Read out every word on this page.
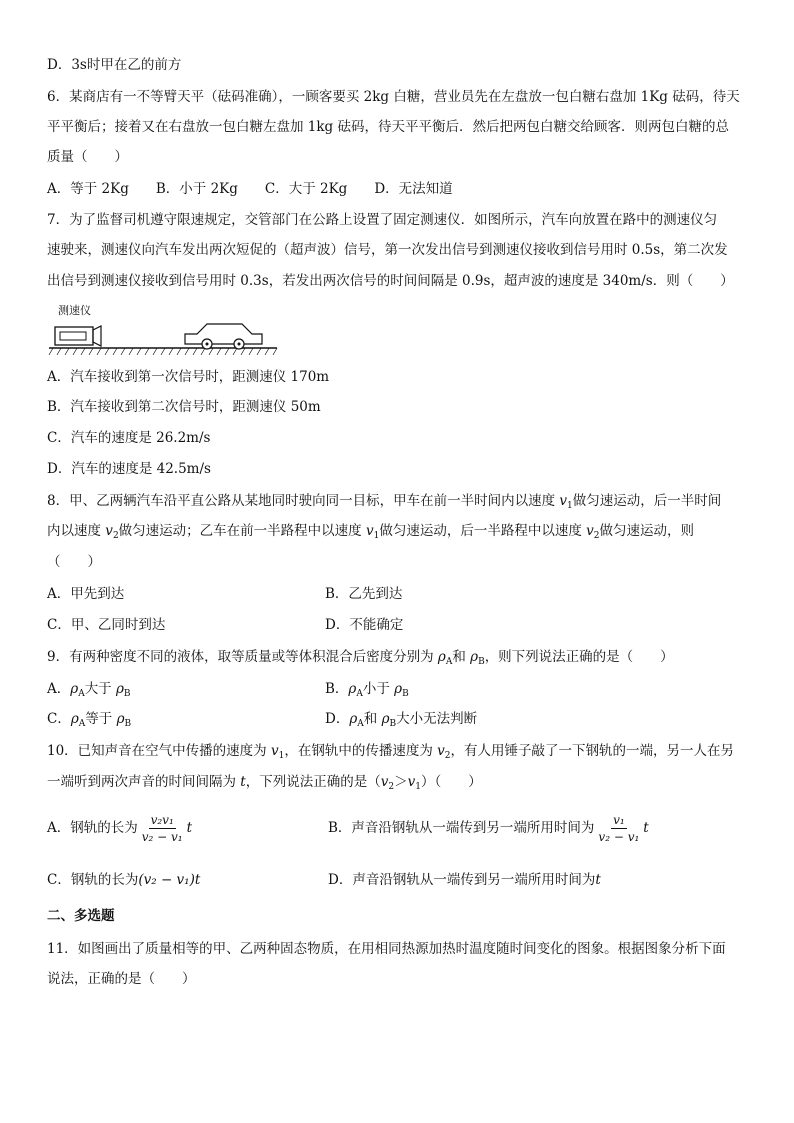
D．3s时甲在乙的前方
6．某商店有一不等臂天平（砝码准确），一顾客要买 2kg 白糖，营业员先在左盘放一包白糖右盘加 1Kg 砝码，待天
平平衡后；接着又在右盘放一包白糖左盘加 1kg 砝码，待天平平衡后．然后把两包白糖交给顾客．则两包白糖的总
质量（　　）
A．等于 2Kg　　B．小于 2Kg　　C．大于 2Kg　　D．无法知道
7．为了监督司机遵守限速规定，交管部门在公路上设置了固定测速仪．如图所示，汽车向放置在路中的测速仪匀
速驶来，测速仪向汽车发出两次短促的（超声波）信号，第一次发出信号到测速仪接收到信号用时 0.5s，第二次发
出信号到测速仪接收到信号用时 0.3s，若发出两次信号的时间间隔是 0.9s，超声波的速度是 340m/s．则（　　）
测速仪
A．汽车接收到第一次信号时，距测速仪 170m
B．汽车接收到第二次信号时，距测速仪 50m
C．汽车的速度是 26.2m/s
D．汽车的速度是 42.5m/s
8．甲、乙两辆汽车沿平直公路从某地同时驶向同一目标，甲车在前一半时间内以速度 $v_1$做匀速运动，后一半时间
内以速度 $v_2$做匀速运动；乙车在前一半路程中以速度 $v_1$做匀速运动，后一半路程中以速度 $v_2$做匀速运动，则
（　　）
A．甲先到达	B．乙先到达
C．甲、乙同时到达	D．不能确定
9．有两种密度不同的液体，取等质量或等体积混合后密度分别为 $\rho_A$和 $\rho_B$，则下列说法正确的是（　　）
A．$\rho_A$大于 $\rho_B$	B．$\rho_A$小于 $\rho_B$
C．$\rho_A$等于 $\rho_B$	D．$\rho_A$和 $\rho_B$大小无法判断
10．已知声音在空气中传播的速度为 $v_1$，在钢轨中的传播速度为 $v_2$，有人用锤子敲了一下钢轨的一端，另一人在另
一端听到两次声音的时间间隔为 t，下列说法正确的是$(v_2>v_1)$（　　）
A．钢轨的长为 $\frac{\text{v₂v₁}}{\text{v₂ − v₁}}$ t	B．声音沿钢轨从一端传到另一端所用时间为 $\frac{\text{v₁}}{\text{v₂ − v₁}}$ t
C．钢轨的长为(v₂ − v₁)t	D．声音沿钢轨从一端传到另一端所用时间为t
二、多选题
11．如图画出了质量相等的甲、乙两种固态物质，在用相同热源加热时温度随时间变化的图象。根据图象分析下面
说法，正确的是（　　）
